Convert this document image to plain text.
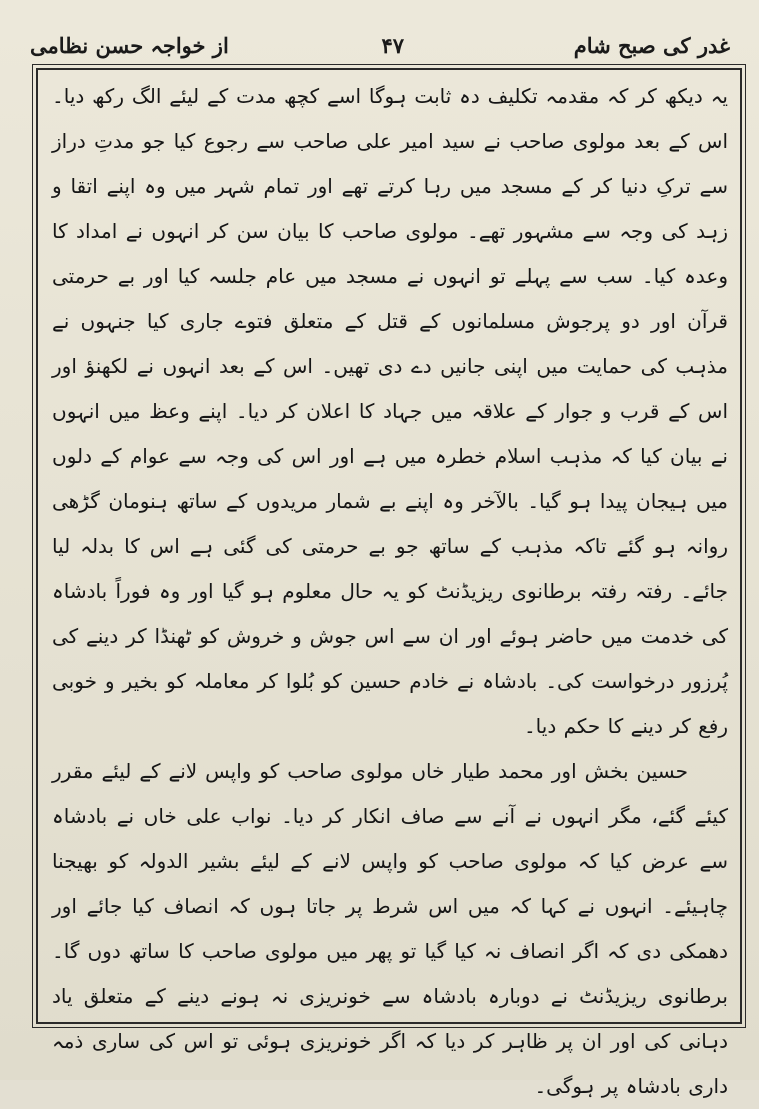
غدر کی صبح شام
۴۷
از خواجہ حسن نظامی

یہ دیکھ کر کہ مقدمہ تکلیف دہ ثابت ہوگا اسے کچھ مدت کے لیئے الگ رکھ دیا۔ اس کے بعد مولوی صاحب نے سید امیر علی صاحب سے رجوع کیا جو مدتِ دراز سے ترکِ دنیا کر کے مسجد میں رہا کرتے تھے اور تمام شہر میں وہ اپنے اتقا و زہد کی وجہ سے مشہور تھے۔ مولوی صاحب کا بیان سن کر انہوں نے امداد کا وعدہ کیا۔ سب سے پہلے تو انہوں نے مسجد میں عام جلسہ کیا اور بے حرمتی قرآن اور دو پرجوش مسلمانوں کے قتل کے متعلق فتوے جاری کیا جنہوں نے مذہب کی حمایت میں اپنی جانیں دے دی تھیں۔ اس کے بعد انہوں نے لکھنؤ اور اس کے قرب و جوار کے علاقہ میں جہاد کا اعلان کر دیا۔ اپنے وعظ میں انہوں نے بیان کیا کہ مذہب اسلام خطرہ میں ہے اور اس کی وجہ سے عوام کے دلوں میں ہیجان پیدا ہو گیا۔ بالآخر وہ اپنے بے شمار مریدوں کے ساتھ ہنومان گڑھی روانہ ہو گئے تاکہ مذہب کے ساتھ جو بے حرمتی کی گئی ہے اس کا بدلہ لیا جائے۔ رفتہ رفتہ برطانوی ریزیڈنٹ کو یہ حال معلوم ہو گیا اور وہ فوراً بادشاہ کی خدمت میں حاضر ہوئے اور ان سے اس جوش و خروش کو ٹھنڈا کر دینے کی پُرزور درخواست کی۔ بادشاہ نے خادم حسین کو بُلوا کر معاملہ کو بخیر و خوبی رفع کر دینے کا حکم دیا۔

حسین بخش اور محمد طیار خاں مولوی صاحب کو واپس لانے کے لیئے مقرر کیئے گئے، مگر انہوں نے آنے سے صاف انکار کر دیا۔ نواب علی خاں نے بادشاہ سے عرض کیا کہ مولوی صاحب کو واپس لانے کے لیئے بشیر الدولہ کو بھیجنا چاہیئے۔ انہوں نے کہا کہ میں اس شرط پر جاتا ہوں کہ انصاف کیا جائے اور دھمکی دی کہ اگر انصاف نہ کیا گیا تو پھر میں مولوی صاحب کا ساتھ دوں گا۔ برطانوی ریزیڈنٹ نے دوبارہ بادشاہ سے خونریزی نہ ہونے دینے کے متعلق یاد دہانی کی اور ان پر ظاہر کر دیا کہ اگر خونریزی ہوئی تو اس کی ساری ذمہ داری بادشاہ پر ہوگی۔
